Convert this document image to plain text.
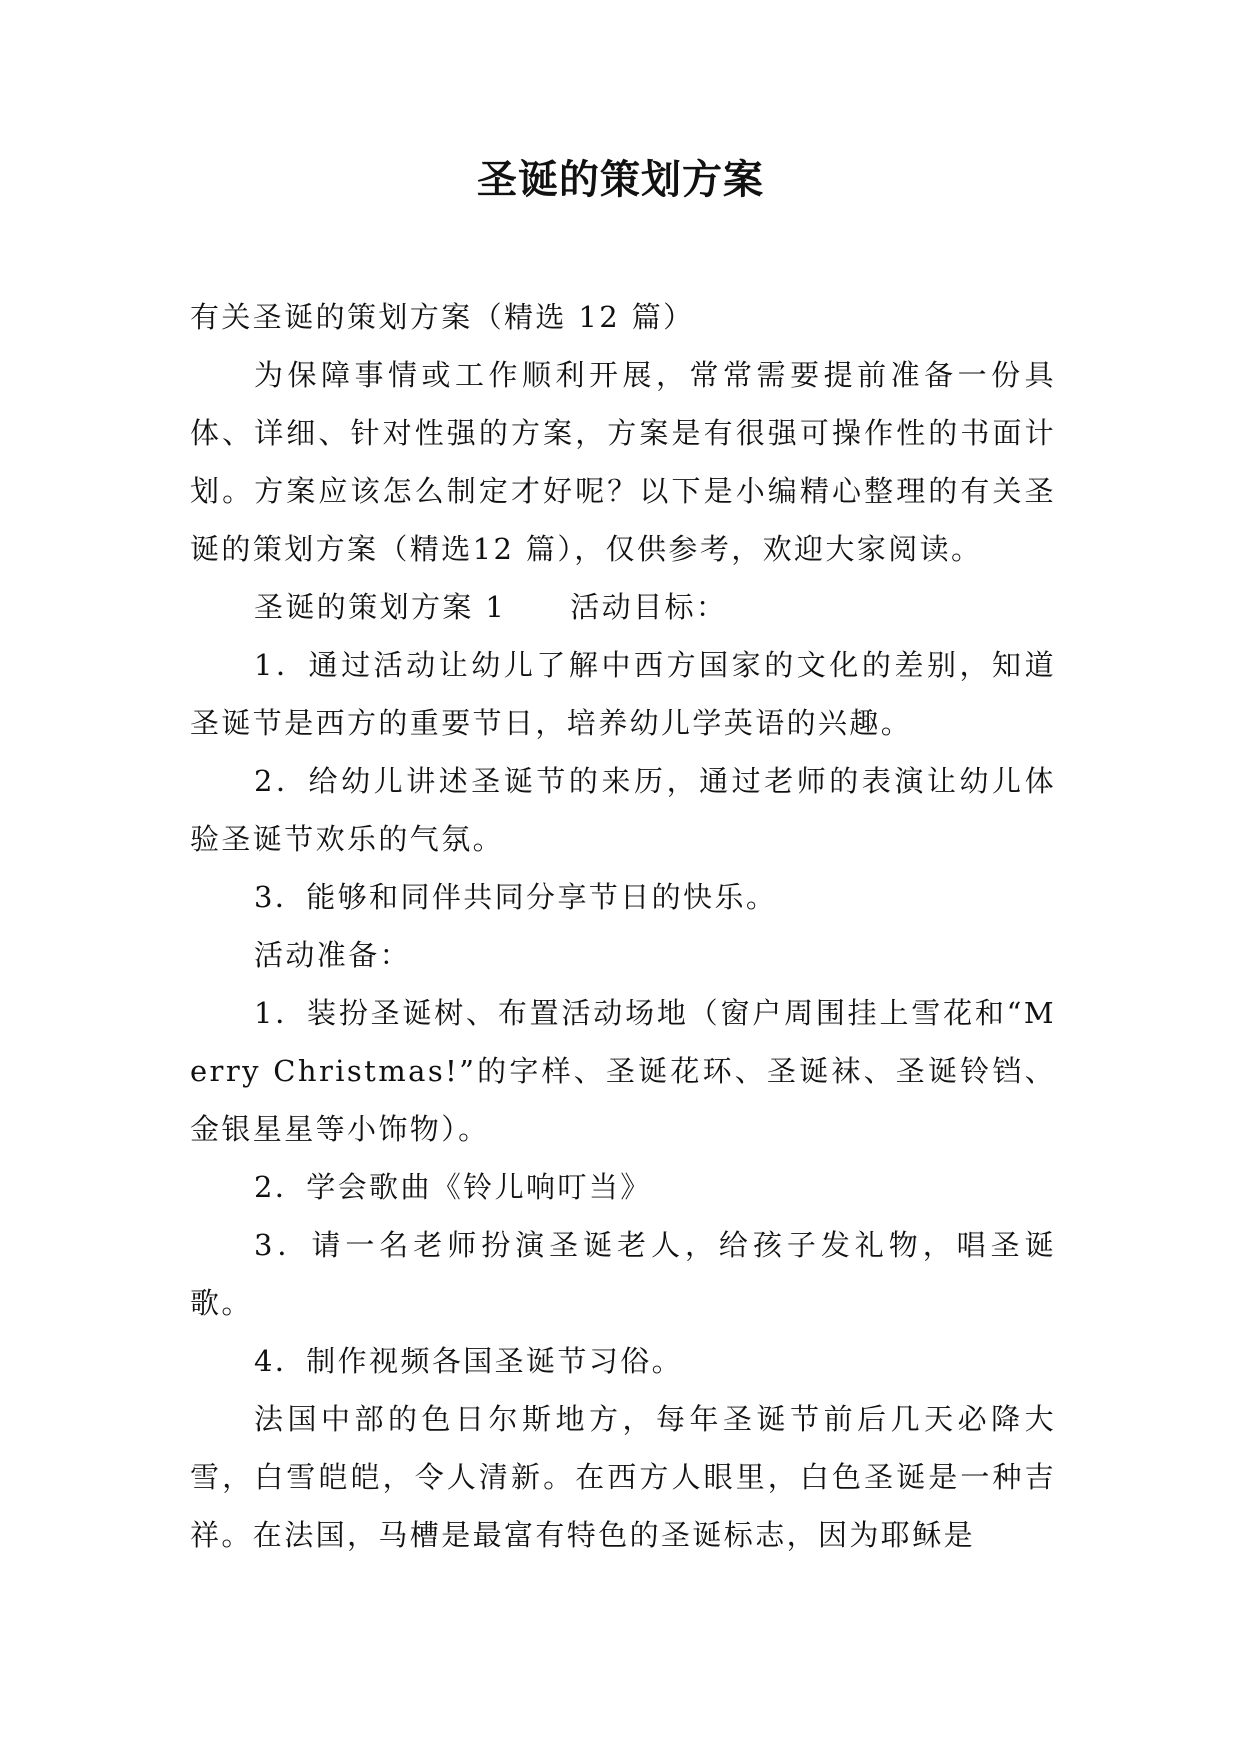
圣诞的策划方案

有关圣诞的策划方案（精选 12 篇）

为保障事情或工作顺利开展，常常需要提前准备一份具体、详细、针对性强的方案，方案是有很强可操作性的书面计划。方案应该怎么制定才好呢？以下是小编精心整理的有关圣诞的策划方案（精选12 篇），仅供参考，欢迎大家阅读。

圣诞的策划方案 1 活动目标：

1．通过活动让幼儿了解中西方国家的文化的差别，知道圣诞节是西方的重要节日，培养幼儿学英语的兴趣。

2．给幼儿讲述圣诞节的来历，通过老师的表演让幼儿体验圣诞节欢乐的气氛。

3．能够和同伴共同分享节日的快乐。

活动准备：

1．装扮圣诞树、布置活动场地（窗户周围挂上雪花和“Merry Christmas!”的字样、圣诞花环、圣诞袜、圣诞铃铛、金银星星等小饰物）。

2．学会歌曲《铃儿响叮当》

3．请一名老师扮演圣诞老人，给孩子发礼物，唱圣诞歌。

4．制作视频各国圣诞节习俗。

法国中部的色日尔斯地方，每年圣诞节前后几天必降大雪，白雪皑皑，令人清新。在西方人眼里，白色圣诞是一种吉祥。在法国，马槽是最富有特色的圣诞标志，因为耶稣是
